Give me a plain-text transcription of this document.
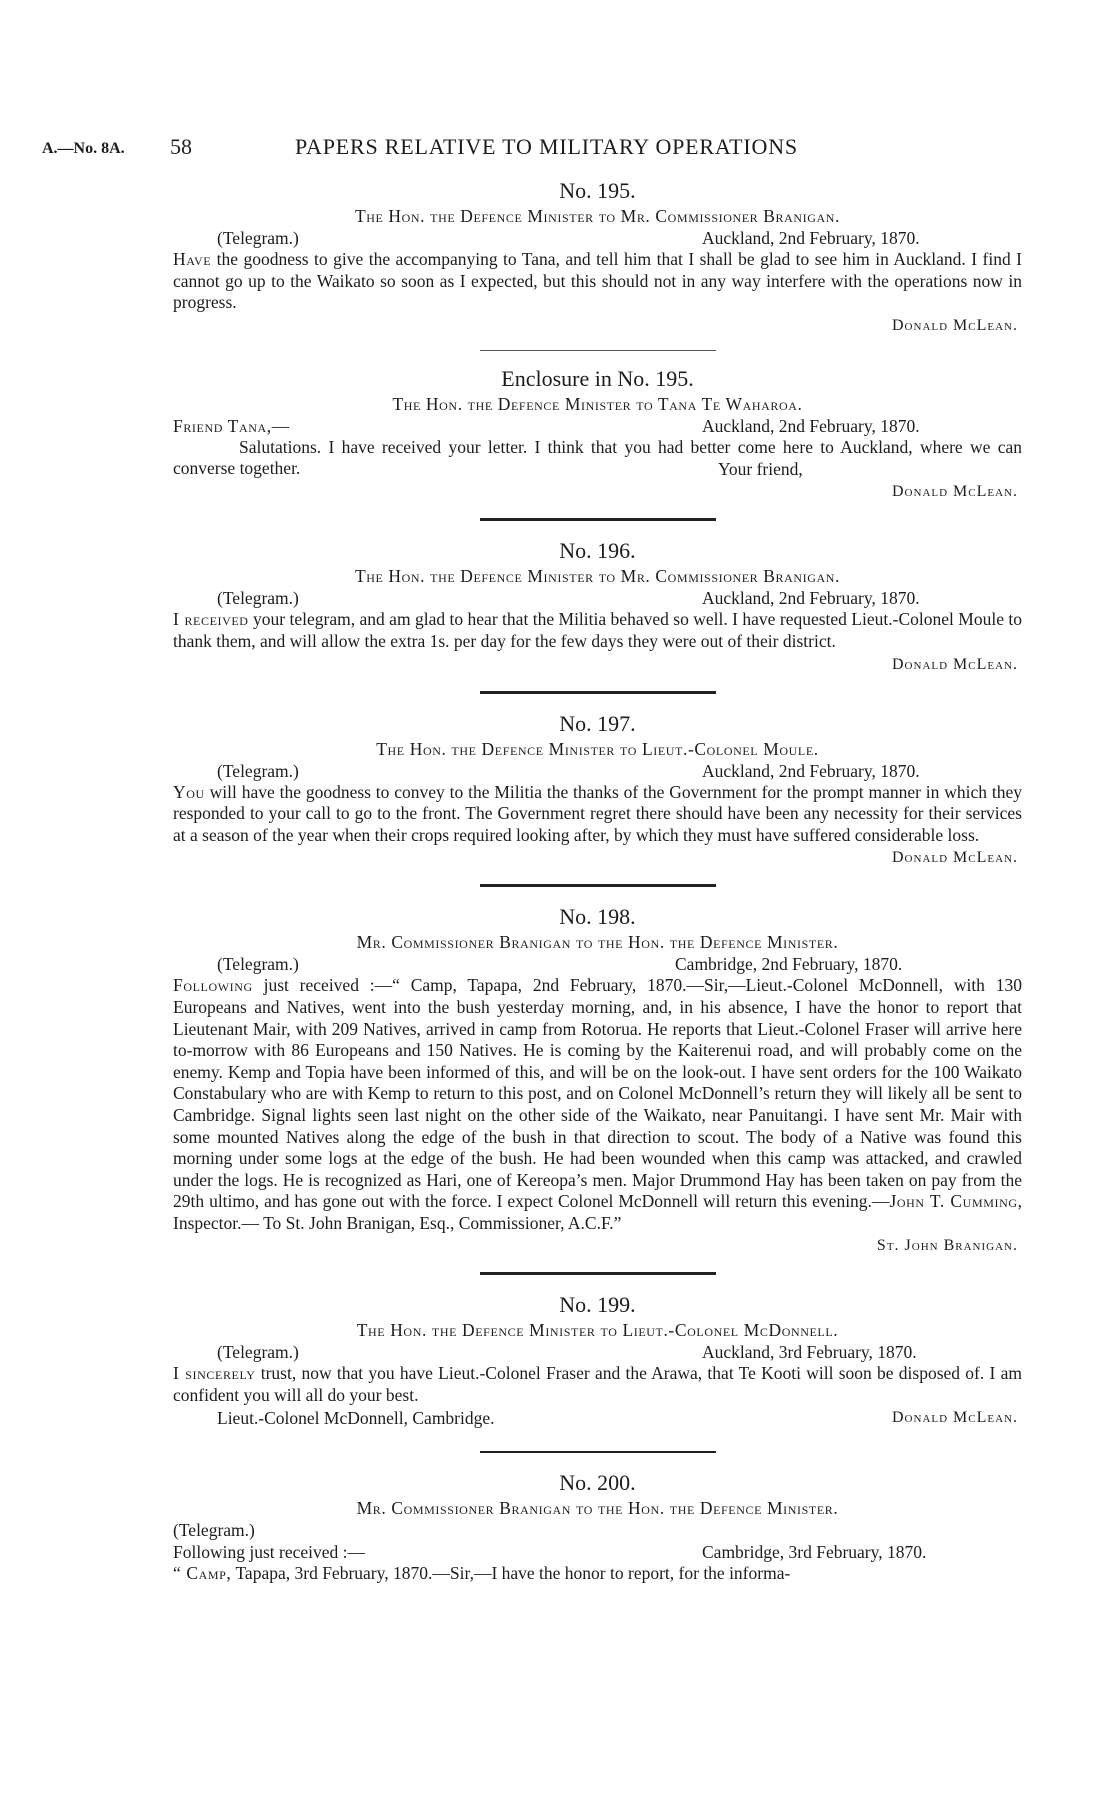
A.—No. 8A. 58	PAPERS RELATIVE TO MILITARY OPERATIONS
No. 195.
The Hon. the Defence Minister to Mr. Commissioner Branigan.
(Telegram.)	Auckland, 2nd February, 1870.

Have the goodness to give the accompanying to Tana, and tell him that I shall be glad to see him in Auckland. I find I cannot go up to the Waikato so soon as I expected, but this should not in any way interfere with the operations now in progress.

Donald McLean.
Enclosure in No. 195.
The Hon. the Defence Minister to Tana Te Waharoa.
Friend Tana,—	Auckland, 2nd February, 1870.

Salutations. I have received your letter. I think that you had better come here to Auckland, where we can converse together.	Your friend,
Donald McLean.
No. 196.
The Hon. the Defence Minister to Mr. Commissioner Branigan.
(Telegram.)	Auckland, 2nd February, 1870.

I received your telegram, and am glad to hear that the Militia behaved so well. I have requested Lieut.-Colonel Moule to thank them, and will allow the extra 1s. per day for the few days they were out of their district.

Donald McLean.
No. 197.
The Hon. the Defence Minister to Lieut.-Colonel Moule.
(Telegram.)	Auckland, 2nd February, 1870.

You will have the goodness to convey to the Militia the thanks of the Government for the prompt manner in which they responded to your call to go to the front. The Government regret there should have been any necessity for their services at a season of the year when their crops required looking after, by which they must have suffered considerable loss.

Donald McLean.
No. 198.
Mr. Commissioner Branigan to the Hon. the Defence Minister.
(Telegram.)	Cambridge, 2nd February, 1870.

Following just received :—“ Camp, Tapapa, 2nd February, 1870.—Sir,—Lieut.-Colonel McDonnell, with 130 Europeans and Natives, went into the bush yesterday morning, and, in his absence, I have the honor to report that Lieutenant Mair, with 209 Natives, arrived in camp from Rotorua. He reports that Lieut.-Colonel Fraser will arrive here to-morrow with 86 Europeans and 150 Natives. He is coming by the Kaiterenui road, and will probably come on the enemy. Kemp and Topia have been informed of this, and will be on the look-out. I have sent orders for the 100 Waikato Constabulary who are with Kemp to return to this post, and on Colonel McDonnell’s return they will likely all be sent to Cambridge. Signal lights seen last night on the other side of the Waikato, near Panuitangi. I have sent Mr. Mair with some mounted Natives along the edge of the bush in that direction to scout. The body of a Native was found this morning under some logs at the edge of the bush. He had been wounded when this camp was attacked, and crawled under the logs. He is recognized as Hari, one of Kereopa’s men. Major Drummond Hay has been taken on pay from the 29th ultimo, and has gone out with the force. I expect Colonel McDonnell will return this evening.—John T. Cumming, Inspector.— To St. John Branigan, Esq., Commissioner, A.C.F.”

St. John Branigan.
No. 199.
The Hon. the Defence Minister to Lieut.-Colonel McDonnell.
(Telegram.)	Auckland, 3rd February, 1870.

I sincerely trust, now that you have Lieut.-Colonel Fraser and the Arawa, that Te Kooti will soon be disposed of. I am confident you will all do your best.

Lieut.-Colonel McDonnell, Cambridge.	Donald McLean.
No. 200.
Mr. Commissioner Branigan to the Hon. the Defence Minister.
(Telegram.)
Following just received :—	Cambridge, 3rd February, 1870.

“ Camp, Tapapa, 3rd February, 1870.—Sir,—I have the honor to report, for the informa-
